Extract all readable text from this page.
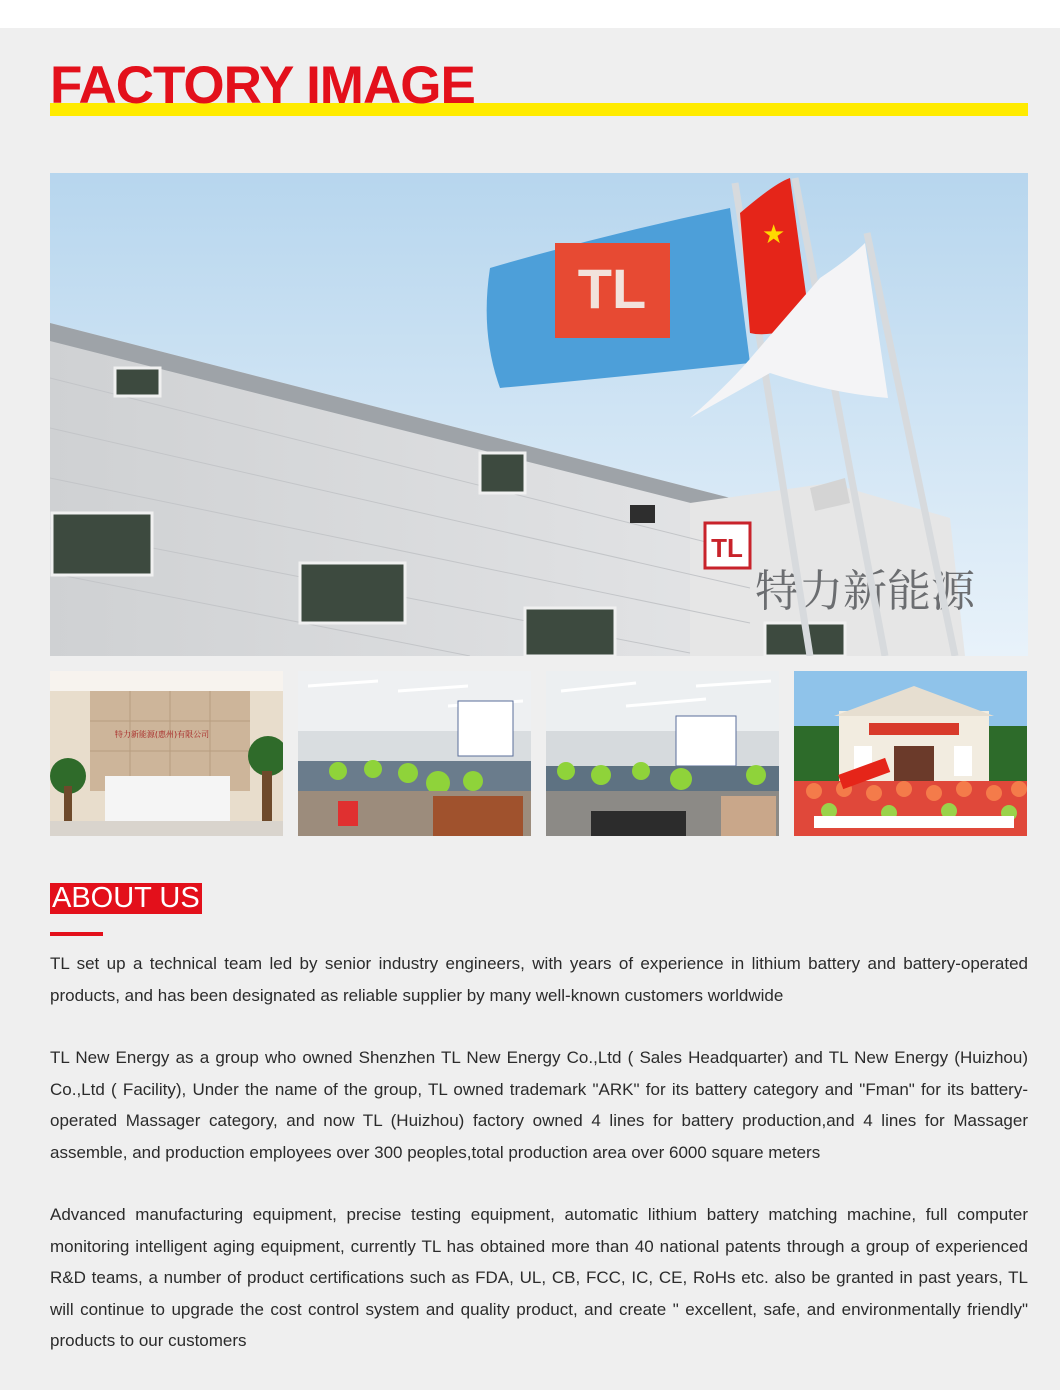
FACTORY IMAGE
TL
特力新能源
TL
★
特力新能源(惠州)有限公司
ABOUT US

TL set up a technical team led by senior industry engineers, with years of experience in lithium battery and battery-operated products, and has been designated as reliable supplier by many well-known customers worldwide

TL New Energy as a group who owned Shenzhen TL New Energy Co.,Ltd ( Sales Headquarter) and TL New Energy (Huizhou) Co.,Ltd ( Facility), Under the name of the group, TL owned trademark "ARK" for its battery category and "Fman" for its battery-operated Massager category, and now TL (Huizhou) factory owned 4 lines for battery production,and 4 lines for Massager assemble, and production employees over 300 peoples,total production area over 6000 square meters

Advanced manufacturing equipment, precise testing equipment, automatic lithium battery matching machine, full computer monitoring intelligent aging equipment, currently TL has obtained more than 40 national patents through a group of experienced R&D teams, a number of product certifications such as FDA, UL, CB, FCC, IC, CE, RoHs etc. also be granted in past years, TL will continue to upgrade the cost control system and quality product, and create " excellent, safe, and environmentally friendly" products to our customers
